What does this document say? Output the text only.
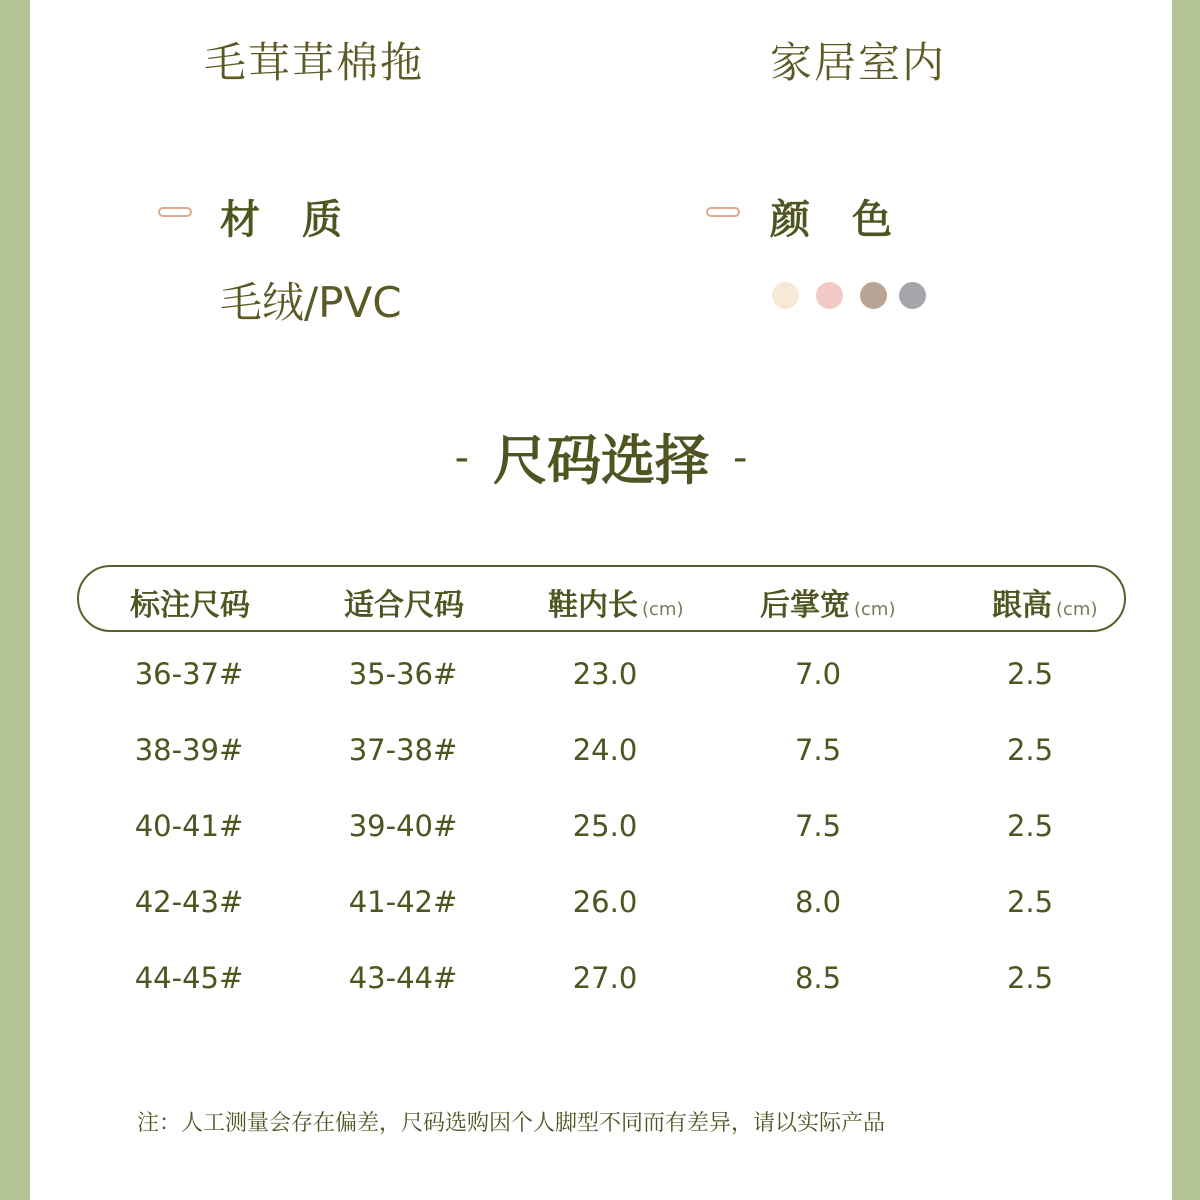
毛茸茸棉拖	家居室内
材质
毛绒/PVC
颜色
- 尺码选择 -
标注尺码	适合尺码	鞋内长 (cm)	后掌宽 (cm)	跟高 (cm)
36-37#	35-36#	23.0	7.0	2.5
38-39#	37-38#	24.0	7.5	2.5
40-41#	39-40#	25.0	7.5	2.5
42-43#	41-42#	26.0	8.0	2.5
44-45#	43-44#	27.0	8.5	2.5
注：人工测量会存在偏差，尺码选购因个人脚型不同而有差异，请以实际产品
